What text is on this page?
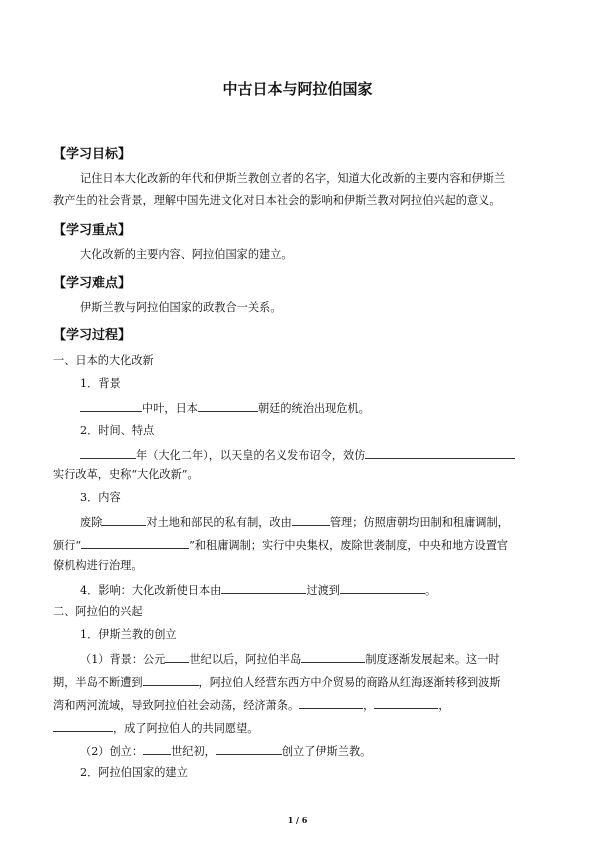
中古日本与阿拉伯国家
【学习目标】
记住日本大化改新的年代和伊斯兰教创立者的名字，知道大化改新的主要内容和伊斯兰
教产生的社会背景，理解中国先进文化对日本社会的影响和伊斯兰教对阿拉伯兴起的意义。
【学习重点】
大化改新的主要内容、阿拉伯国家的建立。
【学习难点】
伊斯兰教与阿拉伯国家的政教合一关系。
【学习过程】
一、日本的大化改新
1．背景
中叶，日本	朝廷的统治出现危机。
2．时间、特点
年（大化二年），以天皇的名义发布诏令，效仿
实行改革，史称“大化改新”。
3．内容
废除	对土地和部民的私有制，改由	管理；仿照唐朝均田制和租庸调制，
颁行“	”和租庸调制；实行中央集权，废除世袭制度，中央和地方设置官
僚机构进行治理。
4．影响：大化改新使日本由	过渡到	。
二、阿拉伯的兴起
1．伊斯兰教的创立
（1）背景：公元 世纪以后，阿拉伯半岛	制度逐渐发展起来。这一时
期，半岛不断遭到	，阿拉伯人经营东西方中介贸易的商路从红海逐渐转移到波斯
湾和两河流域，导致阿拉伯社会动荡，经济萧条。	，	，
，成了阿拉伯人的共同愿望。
（2）创立：	世纪初，	创立了伊斯兰教。
2．阿拉伯国家的建立
1 / 6
